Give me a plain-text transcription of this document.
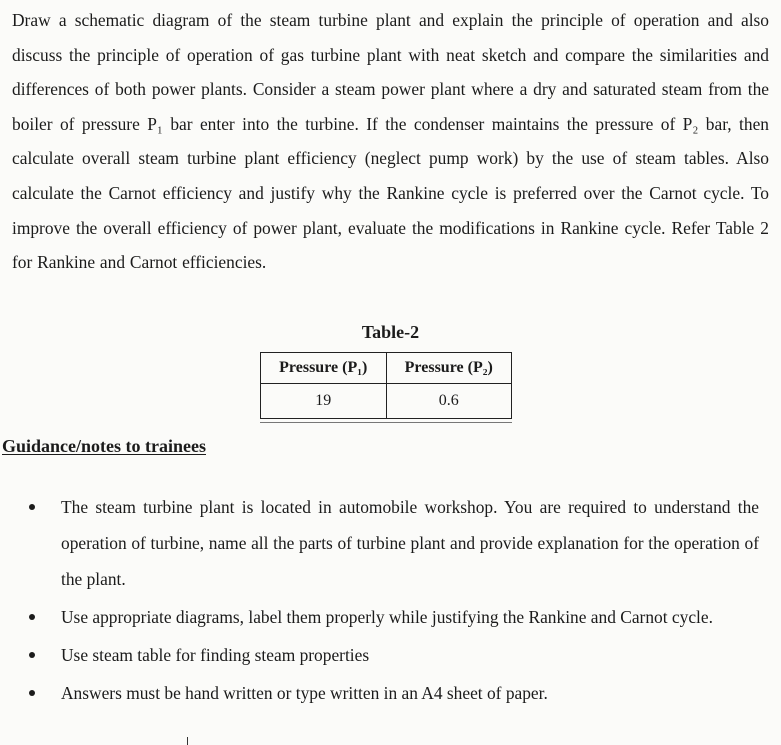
Draw a schematic diagram of the steam turbine plant and explain the principle of operation and also discuss the principle of operation of gas turbine plant with neat sketch and compare the similarities and differences of both power plants. Consider a steam power plant where a dry and saturated steam from the boiler of pressure P₁ bar enter into the turbine. If the condenser maintains the pressure of P₂ bar, then calculate overall steam turbine plant efficiency (neglect pump work) by the use of steam tables. Also calculate the Carnot efficiency and justify why the Rankine cycle is preferred over the Carnot cycle. To improve the overall efficiency of power plant, evaluate the modifications in Rankine cycle. Refer Table 2 for Rankine and Carnot efficiencies.

Table-2

Pressure (P₁)	Pressure (P₂)
19	0.6

Guidance/notes to trainees

The steam turbine plant is located in automobile workshop. You are required to understand the operation of turbine, name all the parts of turbine plant and provide explanation for the operation of the plant.
Use appropriate diagrams, label them properly while justifying the Rankine and Carnot cycle.
Use steam table for finding steam properties
Answers must be hand written or type written in an A4 sheet of paper.
